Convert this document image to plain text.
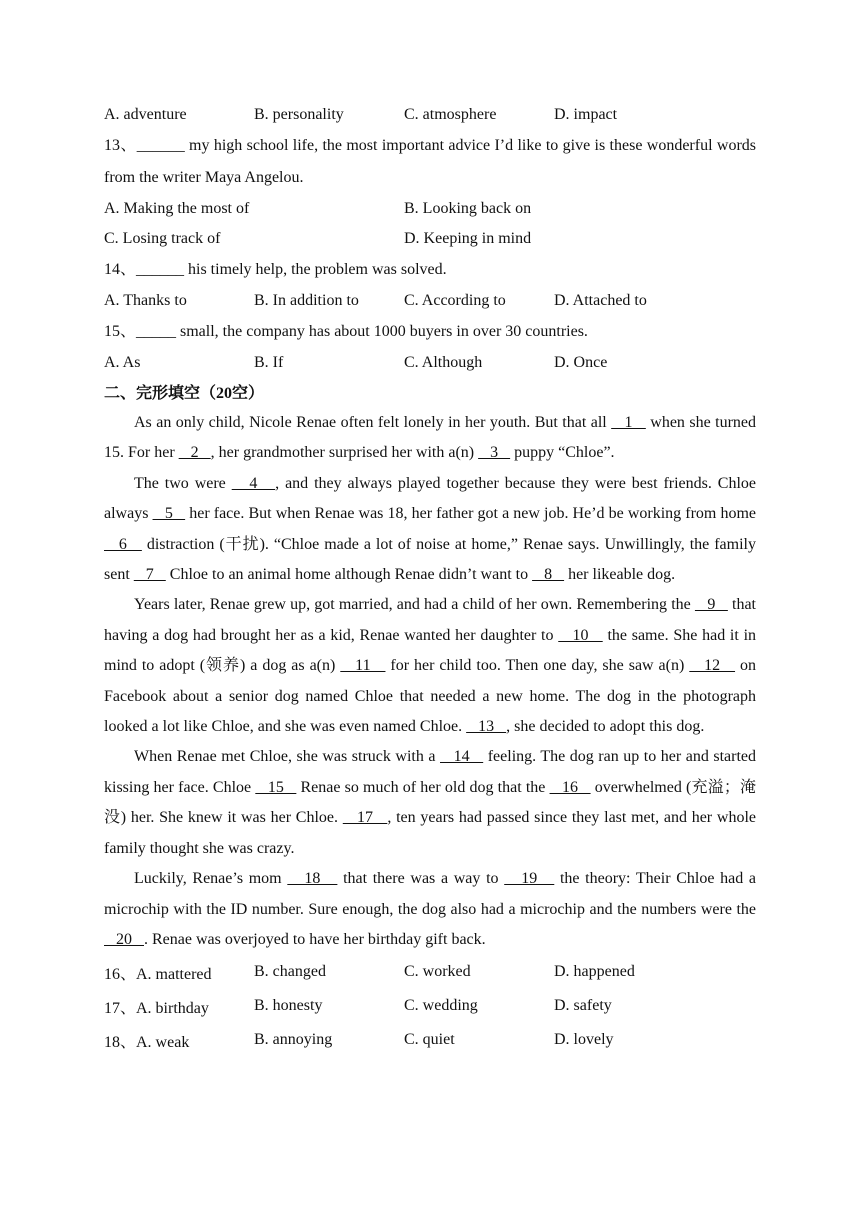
A. adventure	B. personality	C. atmosphere	D. impact
13、______ my high school life, the most important advice I’d like to give is these wonderful words from the writer Maya Angelou.
A. Making the most of	B. Looking back on
C. Losing track of	D. Keeping in mind
14、______ his timely help, the problem was solved.
A. Thanks to	B. In addition to	C. According to	D. Attached to
15、_____ small, the company has about 1000 buyers in over 30 countries.
A. As	B. If	C. Although	D. Once
二、完形填空（20空）
As an only child, Nicole Renae often felt lonely in her youth. But that all    1    when she turned 15. For her    2   , her grandmother surprised her with a(n)    3    puppy “Chloe”.
The two were    4   , and they always played together because they were best friends. Chloe always    5    her face. But when Renae was 18, her father got a new job. He’d be working from home    6    distraction (干扰). “Chloe made a lot of noise at home,” Renae says. Unwillingly, the family sent    7    Chloe to an animal home although Renae didn’t want to    8    her likeable dog.
Years later, Renae grew up, got married, and had a child of her own. Remembering the    9    that having a dog had brought her as a kid, Renae wanted her daughter to    10    the same. She had it in mind to adopt (领养) a dog as a(n)    11    for her child too. Then one day, she saw a(n)    12    on Facebook about a senior dog named Chloe that needed a new home. The dog in the photograph looked a lot like Chloe, and she was even named Chloe.    13   , she decided to adopt this dog.
When Renae met Chloe, she was struck with a    14    feeling. The dog ran up to her and started kissing her face. Chloe    15    Renae so much of her old dog that the    16    overwhelmed (充溢；淹没) her. She knew it was her Chloe.    17   , ten years had passed since they last met, and her whole family thought she was crazy.
Luckily, Renae’s mom    18    that there was a way to    19    the theory: Their Chloe had a microchip with the ID number. Sure enough, the dog also had a microchip and the numbers were the    20   . Renae was overjoyed to have her birthday gift back.
16、A. mattered	B. changed	C. worked	D. happened
17、A. birthday	B. honesty	C. wedding	D. safety
18、A. weak	B. annoying	C. quiet	D. lovely
